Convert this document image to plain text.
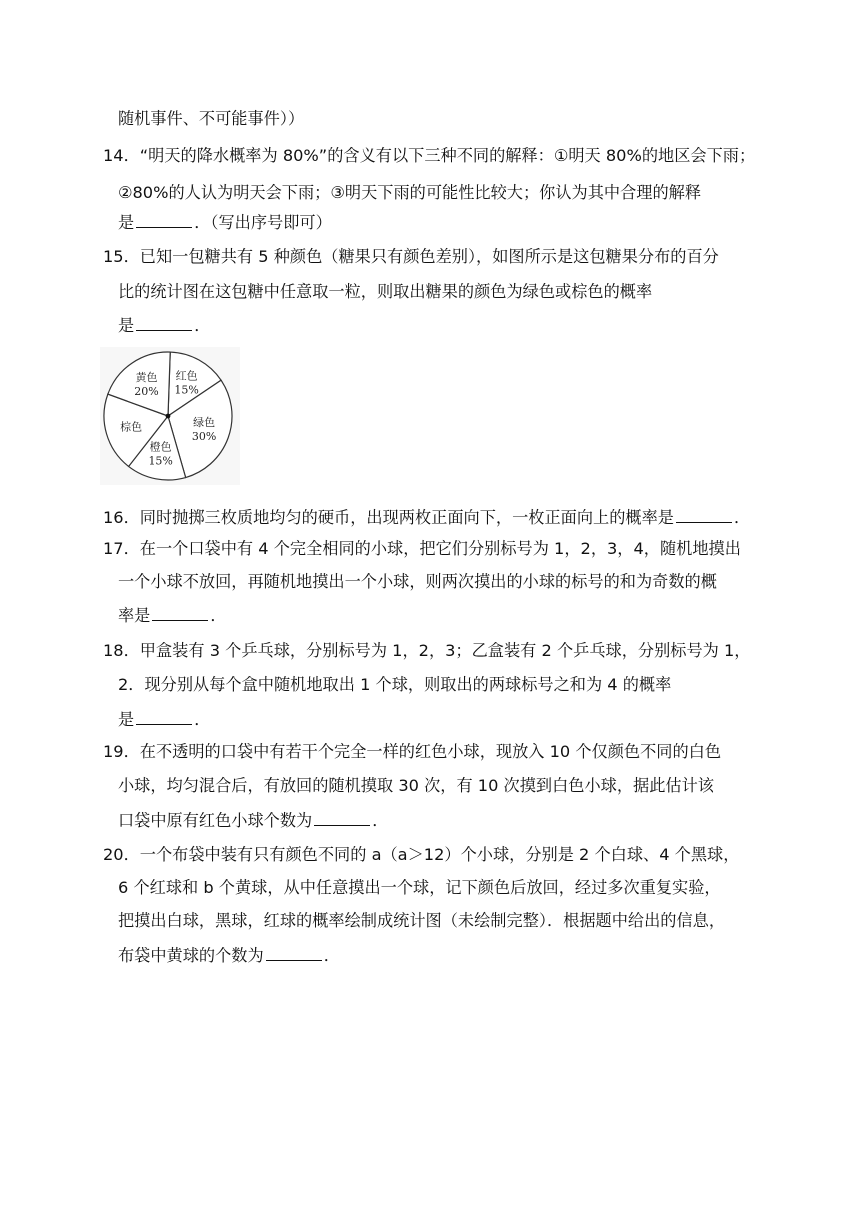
随机事件、不可能事件））
14．“明天的降水概率为 80%”的含义有以下三种不同的解释：①明天 80%的地区会下雨；
②80%的人认为明天会下雨；③明天下雨的可能性比较大；你认为其中合理的解释
是	．（写出序号即可）
15．已知一包糖共有 5 种颜色（糖果只有颜色差别），如图所示是这包糖果分布的百分
比的统计图在这包糖中任意取一粒，则取出糖果的颜色为绿色或棕色的概率
是	．
红色
15%
绿色
30%
橙色
15%
棕色
黄色
20%
16．同时抛掷三枚质地均匀的硬币，出现两枚正面向下，一枚正面向上的概率是	．
17．在一个口袋中有 4 个完全相同的小球，把它们分别标号为 1，2，3，4，随机地摸出
一个小球不放回，再随机地摸出一个小球，则两次摸出的小球的标号的和为奇数的概
率是	．
18．甲盒装有 3 个乒乓球，分别标号为 1，2，3；乙盒装有 2 个乒乓球，分别标号为 1，
2．现分别从每个盒中随机地取出 1 个球，则取出的两球标号之和为 4 的概率
是	．
19．在不透明的口袋中有若干个完全一样的红色小球，现放入 10 个仅颜色不同的白色
小球，均匀混合后，有放回的随机摸取 30 次，有 10 次摸到白色小球，据此估计该
口袋中原有红色小球个数为	．
20．一个布袋中装有只有颜色不同的 a（a＞12）个小球，分别是 2 个白球、4 个黑球，
6 个红球和 b 个黄球，从中任意摸出一个球，记下颜色后放回，经过多次重复实验，
把摸出白球，黑球，红球的概率绘制成统计图（未绘制完整）．根据题中给出的信息，
布袋中黄球的个数为	．
